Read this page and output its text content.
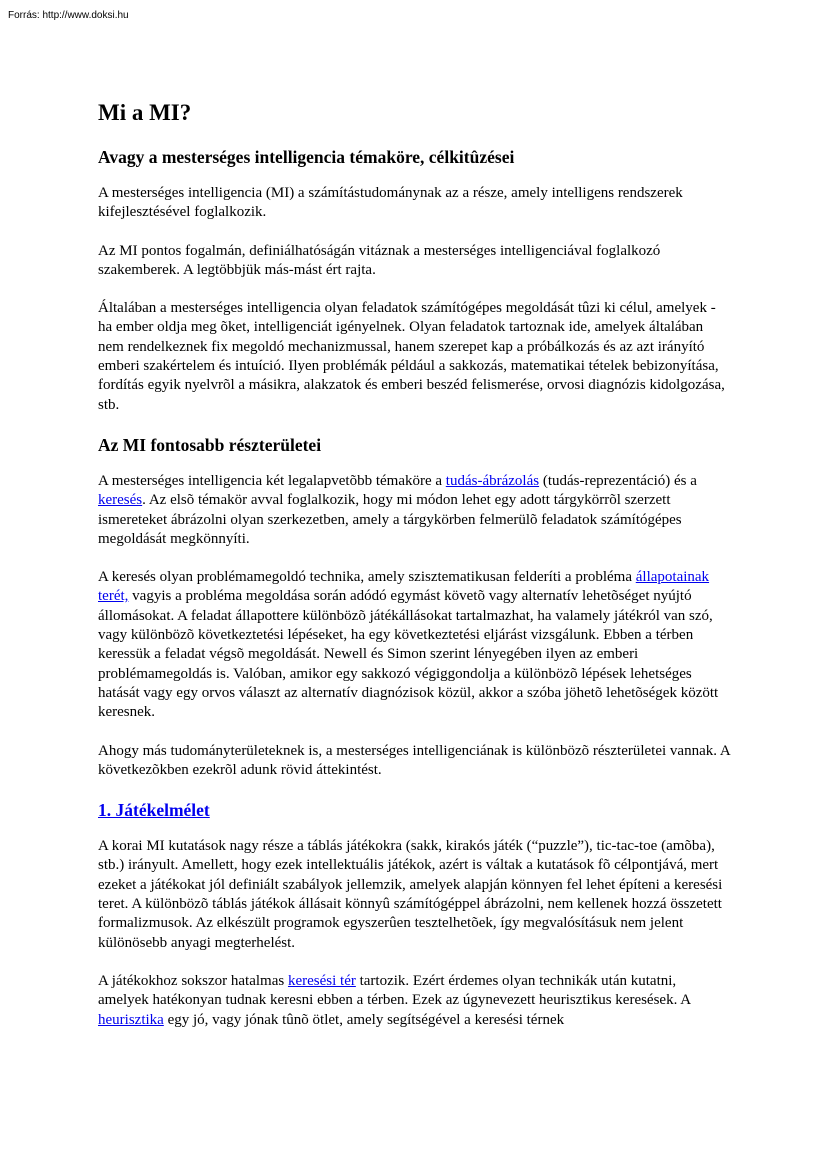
Forrás: http://www.doksi.hu
Mi a MI?
Avagy a mesterséges intelligencia témaköre, célkitûzései

A mesterséges intelligencia (MI) a számítástudománynak az a része, amely intelligens rendszerek kifejlesztésével foglalkozik.

Az MI pontos fogalmán, definiálhatóságán vitáznak a mesterséges intelligenciával foglalkozó szakemberek. A legtöbbjük más-mást ért rajta.

Általában a mesterséges intelligencia olyan feladatok számítógépes megoldását tûzi ki célul, amelyek - ha ember oldja meg õket, intelligenciát igényelnek. Olyan feladatok tartoznak ide, amelyek általában nem rendelkeznek fix megoldó mechanizmussal, hanem szerepet kap a próbálkozás és az azt irányító emberi szakértelem és intuíció. Ilyen problémák például a sakkozás, matematikai tételek bebizonyítása, fordítás egyik nyelvrõl a másikra, alakzatok és emberi beszéd felismerése, orvosi diagnózis kidolgozása, stb.

Az MI fontosabb részterületei

A mesterséges intelligencia két legalapvetõbb témaköre a tudás-ábrázolás (tudás-reprezentáció) és a keresés. Az elsõ témakör avval foglalkozik, hogy mi módon lehet egy adott tárgykörrõl szerzett ismereteket ábrázolni olyan szerkezetben, amely a tárgykörben felmerülõ feladatok számítógépes megoldását megkönnyíti.

A keresés olyan problémamegoldó technika, amely szisztematikusan felderíti a probléma állapotainak terét, vagyis a probléma megoldása során adódó egymást követõ vagy alternatív lehetõséget nyújtó állomásokat. A feladat állapottere különbözõ játékállásokat tartalmazhat, ha valamely játékról van szó, vagy különbözõ következtetési lépéseket, ha egy következtetési eljárást vizsgálunk. Ebben a térben keressük a feladat végsõ megoldását. Newell és Simon szerint lényegében ilyen az emberi problémamegoldás is. Valóban, amikor egy sakkozó végiggondolja a különbözõ lépések lehetséges hatását vagy egy orvos választ az alternatív diagnózisok közül, akkor a szóba jöhetõ lehetõségek között keresnek.

Ahogy más tudományterületeknek is, a mesterséges intelligenciának is különbözõ részterületei vannak. A következõkben ezekrõl adunk rövid áttekintést.

1. Játékelmélet

A korai MI kutatások nagy része a táblás játékokra (sakk, kirakós játék (“puzzle”), tic-tac-toe (amõba), stb.) irányult. Amellett, hogy ezek intellektuális játékok, azért is váltak a kutatások fõ célpontjává, mert ezeket a játékokat jól definiált szabályok jellemzik, amelyek alapján könnyen fel lehet építeni a keresési teret. A különbözõ táblás játékok állásait könnyû számítógéppel ábrázolni, nem kellenek hozzá összetett formalizmusok. Az elkészült programok egyszerûen tesztelhetõek, így megvalósításuk nem jelent különösebb anyagi megterhelést.

A játékokhoz sokszor hatalmas keresési tér tartozik. Ezért érdemes olyan technikák után kutatni, amelyek hatékonyan tudnak keresni ebben a térben. Ezek az úgynevezett heurisztikus keresések. A heurisztika egy jó, vagy jónak tûnõ ötlet, amely segítségével a keresési térnek
